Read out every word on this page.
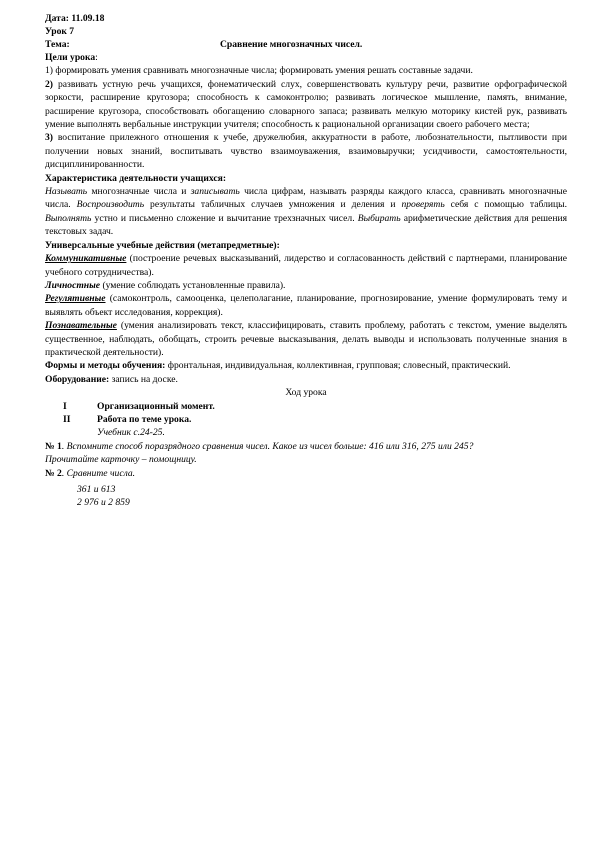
Дата: 11.09.18

Урок 7

Тема:	Сравнение многозначных чисел.

Цели урока:

1) формировать умения сравнивать многозначные числа; формировать умения решать составные задачи.

2) развивать устную речь учащихся, фонематический слух, совершенствовать культуру речи, развитие орфографической зоркости, расширение кругозора; способность к самоконтролю; развивать логическое мышление, память, внимание, расширение кругозора, способствовать обогащению словарного запаса; развивать мелкую моторику кистей рук, развивать умение выполнять вербальные инструкции учителя; способность к рациональной организации своего рабочего места;

3) воспитание прилежного отношения к учебе, дружелюбия, аккуратности в работе, любознательности, пытливости при получении новых знаний, воспитывать чувство взаимоуважения, взаимовыручки; усидчивости, самостоятельности, дисциплинированности.

Характеристика деятельности учащихся:

Называть многозначные числа и записывать числа цифрам, называть разряды каждого класса, сравнивать многозначные числа. Воспроизводить результаты табличных случаев умножения и деления и проверять себя с помощью таблицы. Выполнять устно и письменно сложение и вычитание трехзначных чисел. Выбирать арифметические действия для решения текстовых задач.

Универсальные учебные действия (метапредметные):

Коммуникативные (построение речевых высказываний, лидерство и согласованность действий с партнерами, планирование учебного сотрудничества).

Личностные (умение соблюдать установленные правила).

Регулятивные (самоконтроль, самооценка, целеполагание, планирование, прогнозирование, умение формулировать тему и выявлять объект исследования, коррекция).

Познавательные (умения анализировать текст, классифицировать, ставить проблему, работать с текстом, умение выделять существенное, наблюдать, обобщать, строить речевые высказывания, делать выводы и использовать полученные знания в практической деятельности).

Формы и методы обучения: фронтальная, индивидуальная, коллективная, групповая; словесный, практический.

Оборудование: запись на доске.

Ход урока

I	Организационный момент.
II	Работа по теме урока.

Учебник с.24-25.

№ 1. Вспомните способ поразрядного сравнения чисел. Какое из чисел больше: 416 или 316, 275 или 245?

Прочитайте карточку – помощницу.

№ 2. Сравните числа.

361 и 613

2 976 и 2 859
